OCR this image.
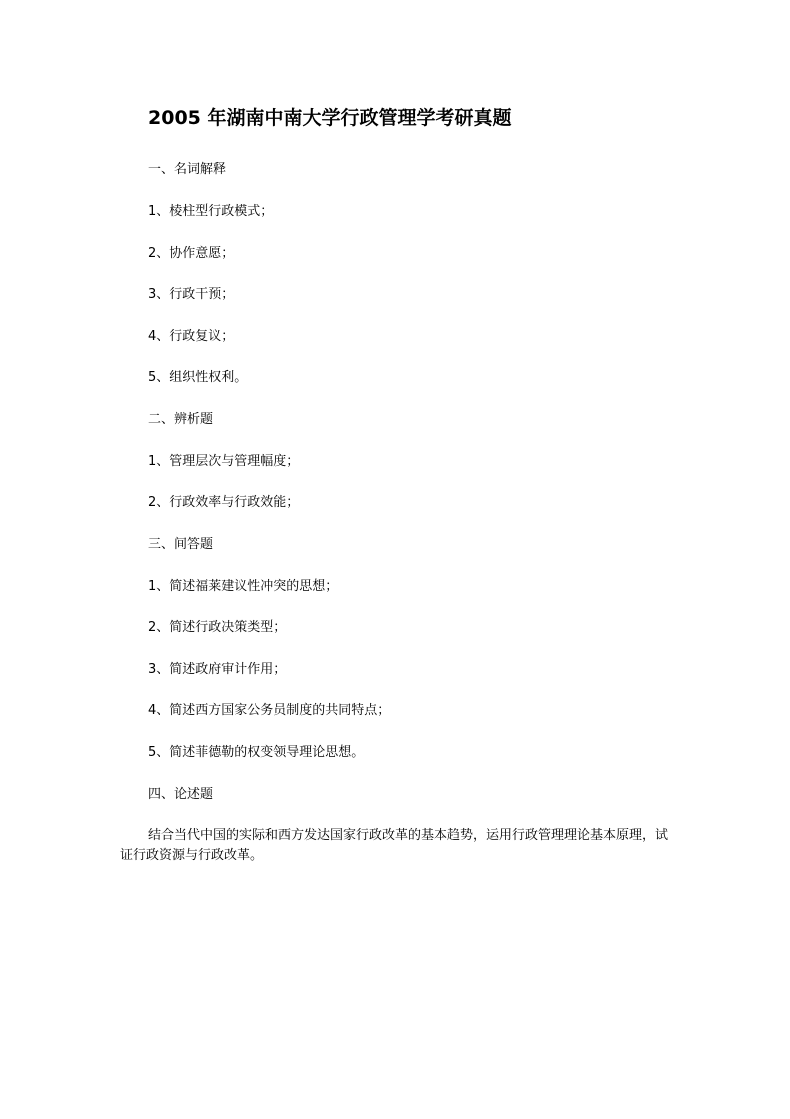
2005 年湖南中南大学行政管理学考研真题
一、名词解释
1、棱柱型行政模式；
2、协作意愿；
3、行政干预；
4、行政复议；
5、组织性权利。
二、辨析题
1、管理层次与管理幅度；
2、行政效率与行政效能；
三、间答题
1、简述福莱建议性冲突的思想；
2、简述行政决策类型；
3、简述政府审计作用；
4、简述西方国家公务员制度的共同特点；
5、简述菲德勒的权变领导理论思想。
四、论述题

结合当代中国的实际和西方发达国家行政改革的基本趋势，运用行政管理理论基本原理，试证行政资源与行政改革。
